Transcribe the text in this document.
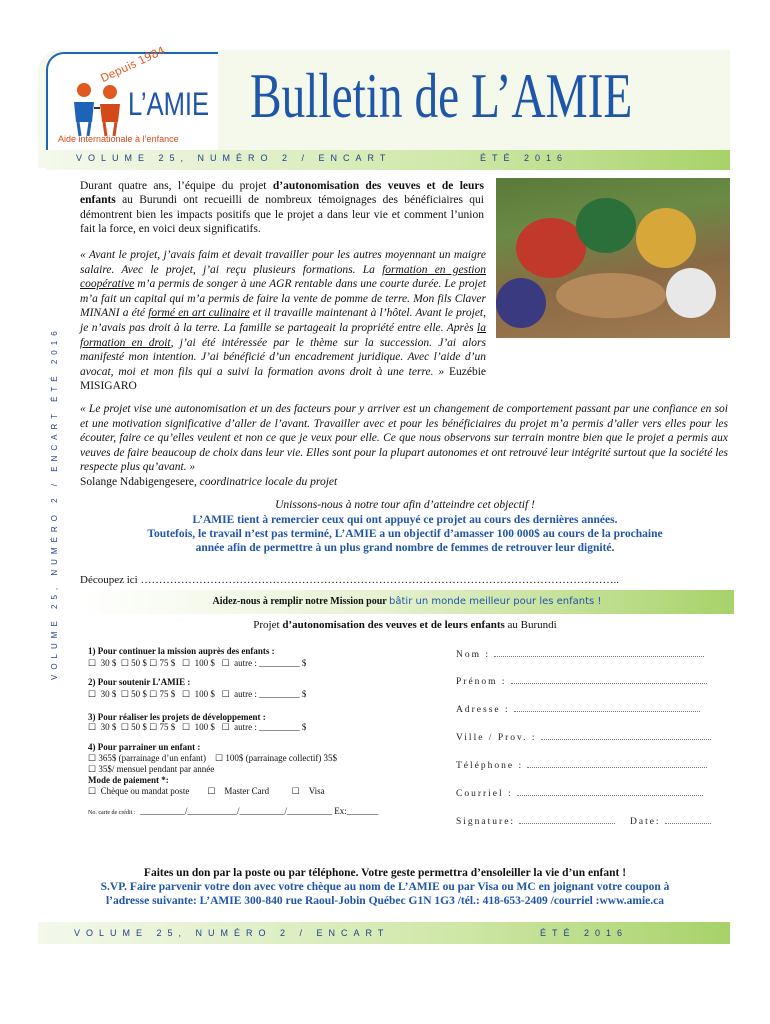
Depuis 1984
L’AMIE
Aide internationale à l’enfance
Bulletin de L’AMIE
VOLUME 25, NUMÉRO 2 / ENCART	ÉTÉ 2016
VOLUME 25, NUMÉRO 2 / ENCART ÉTÉ 2016
Durant quatre ans, l’équipe du projet d’autonomisation des veuves et de leurs enfants au Burundi ont recueilli de nombreux témoignages des bénéficiaires qui démontrent bien les impacts positifs que le projet a dans leur vie et comment l’union fait la force, en voici deux significatifs.
« Avant le projet, j’avais faim et devait travailler pour les autres moyennant un maigre salaire. Avec le projet, j’ai reçu plusieurs formations. La formation en gestion coopérative m’a permis de songer à une AGR rentable dans une courte durée. Le projet m’a fait un capital qui m’a permis de faire la vente de pomme de terre. Mon fils Claver MINANI a été formé en art culinaire et il travaille maintenant à l’hôtel. Avant le projet, je n’avais pas droit à la terre. La famille se partageait la propriété entre elle. Après la formation en droit, j’ai été intéressée par le thème sur la succession. J’ai alors manifesté mon intention. J’ai bénéficié d’un encadrement juridique. Avec l’aide d’un avocat, moi et mon fils qui a suivi la formation avons droit à une terre. » Euzébie MISIGARO
« Le projet vise une autonomisation et un des facteurs pour y arriver est un changement de comportement passant par une confiance en soi et une motivation significative d’aller de l’avant. Travailler avec et pour les bénéficiaires du projet m’a permis d’aller vers elles pour les écouter, faire ce qu’elles veulent et non ce que je veux pour elle. Ce que nous observons sur terrain montre bien que le projet a permis aux veuves de faire beaucoup de choix dans leur vie. Elles sont pour la plupart autonomes et ont retrouvé leur intégrité surtout que la société les respecte plus qu’avant. »
Solange Ndabigengesere, coordinatrice locale du projet
Unissons-nous à notre tour afin d’atteindre cet objectif !
L’AMIE tient à remercier ceux qui ont appuyé ce projet au cours des dernières années.
Toutefois, le travail n’est pas terminé, L’AMIE a un objectif d’amasser 100 000$ au cours de la prochaine
année afin de permettre à un plus grand nombre de femmes de retrouver leur dignité.
Découpez ici …………………………………………………………………………………………………………………..
Aidez-nous à remplir notre Mission pour bâtir un monde meilleur pour les enfants !
Projet d’autonomisation des veuves et de leurs enfants au Burundi
1) Pour continuer la mission auprès des enfants :
☐ 30 $ ☐ 50 $ ☐ 75 $ ☐ 100 $ ☐ autre : _________ $
2) Pour soutenir L’AMIE :
☐ 30 $ ☐ 50 $ ☐ 75 $ ☐ 100 $ ☐ autre : _________ $
3) Pour réaliser les projets de développement :
☐ 30 $ ☐ 50 $ ☐ 75 $ ☐ 100 $ ☐ autre : _________ $
4) Pour parrainer un enfant :
☐ 365$ (parrainage d’un enfant) ☐ 100$ (parrainage collectif) 35$
☐ 35$/ mensuel pendant par année
Mode de paiement *:
☐ Chèque ou mandat poste ☐ Master Card	☐ Visa
No. carte de crédit : __________/___________/__________/__________ Ex:_______
Nom :
Prénom :
Adresse :
Ville / Prov. :
Téléphone :
Courriel :
Signature:	Date:
Faites un don par la poste ou par téléphone. Votre geste permettra d’ensoleiller la vie d’un enfant !
S.VP. Faire parvenir votre don avec votre chèque au nom de L’AMIE ou par Visa ou MC en joignant votre coupon à
l’adresse suivante: L’AMIE 300-840 rue Raoul-Jobin Québec G1N 1G3 /tél.: 418-653-2409 /courriel :www.amie.ca
VOLUME 25, NUMÉRO 2 / ENCART	ÉTÉ 2016
